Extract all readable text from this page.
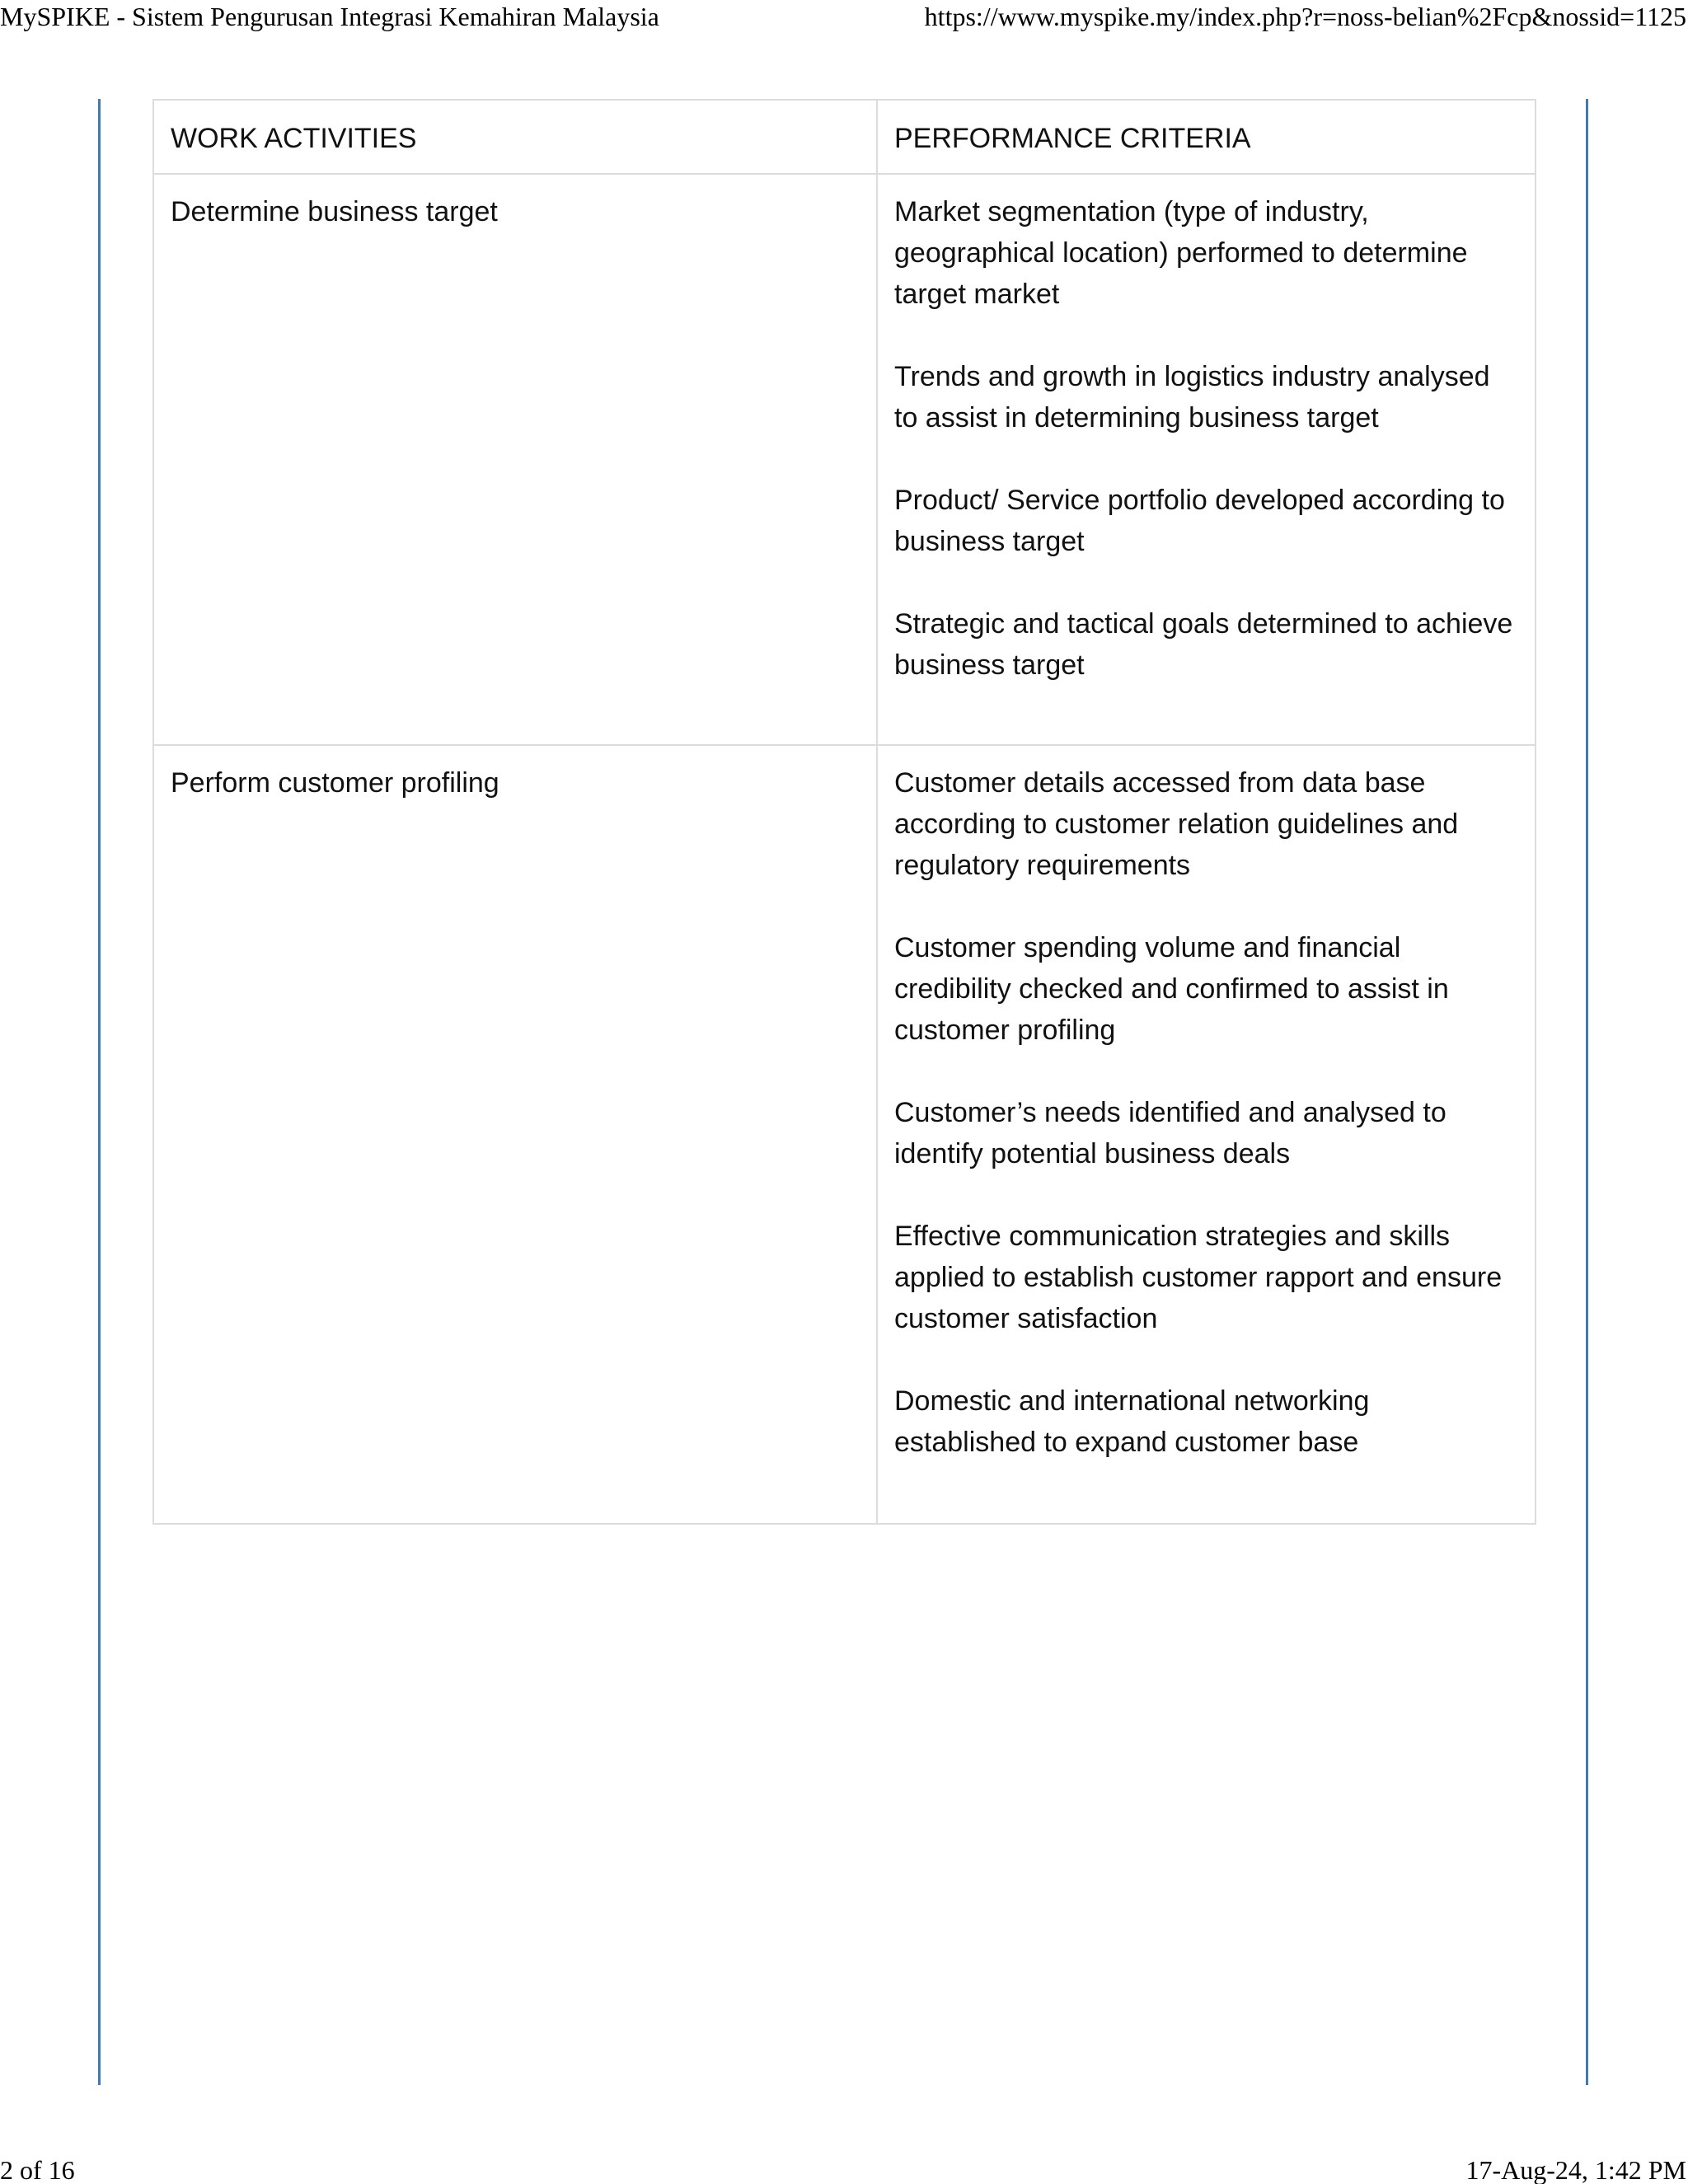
MySPIKE - Sistem Pengurusan Integrasi Kemahiran Malaysia	https://www.myspike.my/index.php?r=noss-belian%2Fcp&nossid=1125
WORK ACTIVITIES	PERFORMANCE CRITERIA
Determine business target	Market segmentation (type of industry, geographical location) performed to determine target market

Trends and growth in logistics industry analysed to assist in determining business target

Product/ Service portfolio developed according to business target

Strategic and tactical goals determined to achieve business target

Perform customer profiling	Customer details accessed from data base according to customer relation guidelines and regulatory requirements

Customer spending volume and financial credibility checked and confirmed to assist in customer profiling

Customer’s needs identified and analysed to identify potential business deals

Effective communication strategies and skills applied to establish customer rapport and ensure customer satisfaction

Domestic and international networking established to expand customer base

2 of 16	17-Aug-24, 1:42 PM
